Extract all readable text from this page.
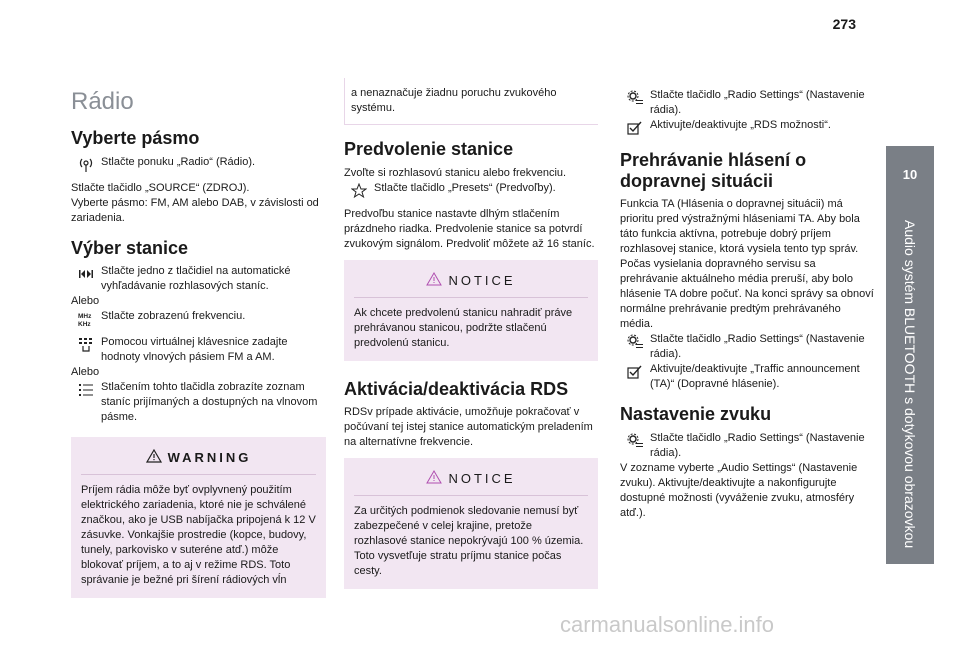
273
Rádio
Vyberte pásmo
Stlačte ponuku „Radio“ (Rádio).

Stlačte tlačidlo „SOURCE“ (ZDROJ).

Vyberte pásmo: FM, AM alebo DAB, v závislosti od zariadenia.

Výber stanice
Stlačte jedno z tlačidiel na automatické vyhľadávanie rozhlasových staníc.
Alebo
MHz
KHz
Stlačte zobrazenú frekvenciu.
Pomocou virtuálnej klávesnice zadajte hodnoty vlnových pásiem FM a AM.
Alebo
Stlačením tohto tlačidla zobrazíte zoznam staníc prijímaných a dostupných na vlnovom pásme.
WARNING

Príjem rádia môže byť ovplyvnený použitím elektrického zariadenia, ktoré nie je schválené značkou, ako je USB nabíjačka pripojená k 12 V zásuvke. Vonkajšie prostredie (kopce, budovy, tunely, parkovisko v suteréne atď.) môže blokovať príjem, a to aj v režime RDS. Toto správanie je bežné pri šírení rádiových vĺn

a nenaznačuje žiadnu poruchu zvukového systému.

Predvolenie stanice

Zvoľte si rozhlasovú stanicu alebo frekvenciu.

Stlačte tlačidlo „Presets“ (Predvoľby).

Predvoľbu stanice nastavte dlhým stlačením prázdneho riadka. Predvolenie stanice sa potvrdí zvukovým signálom. Predvoliť môžete až 16 staníc.

NOTICE

Ak chcete predvolenú stanicu nahradiť práve prehrávanou stanicou, podržte stlačenú predvolenú stanicu.

Aktivácia/deaktivácia RDS

RDSv prípade aktivácie, umožňuje pokračovať v počúvaní tej istej stanice automatickým preladením na alternatívne frekvencie.

NOTICE

Za určitých podmienok sledovanie nemusí byť zabezpečené v celej krajine, pretože rozhlasové stanice nepokrývajú 100 % územia. Toto vysvetľuje stratu príjmu stanice počas cesty.

Stlačte tlačidlo „Radio Settings“ (Nastavenie rádia).
Aktivujte/deaktivujte „RDS možnosti“.
Prehrávanie hlásení o dopravnej situácii

Funkcia TA (Hlásenia o dopravnej situácii) má prioritu pred výstražnými hláseniami TA. Aby bola táto funkcia aktívna, potrebuje dobrý príjem rozhlasovej stanice, ktorá vysiela tento typ správ. Počas vysielania dopravného servisu sa prehrávanie aktuálneho média preruší, aby bolo hlásenie TA dobre počuť. Na konci správy sa obnoví normálne prehrávanie predtým prehrávaného média.

Stlačte tlačidlo „Radio Settings“ (Nastavenie rádia).
Aktivujte/deaktivujte „Traffic announcement (TA)“ (Dopravné hlásenie).
Nastavenie zvuku
Stlačte tlačidlo „Radio Settings“ (Nastavenie rádia).

V zozname vyberte „Audio Settings“ (Nastavenie zvuku). Aktivujte/deaktivujte a nakonfigurujte dostupné možnosti (vyváženie zvuku, atmosféry atď.).

10
Audio systém BLUETOOTH s dotykovou obrazovkou
carmanualsonline.info
